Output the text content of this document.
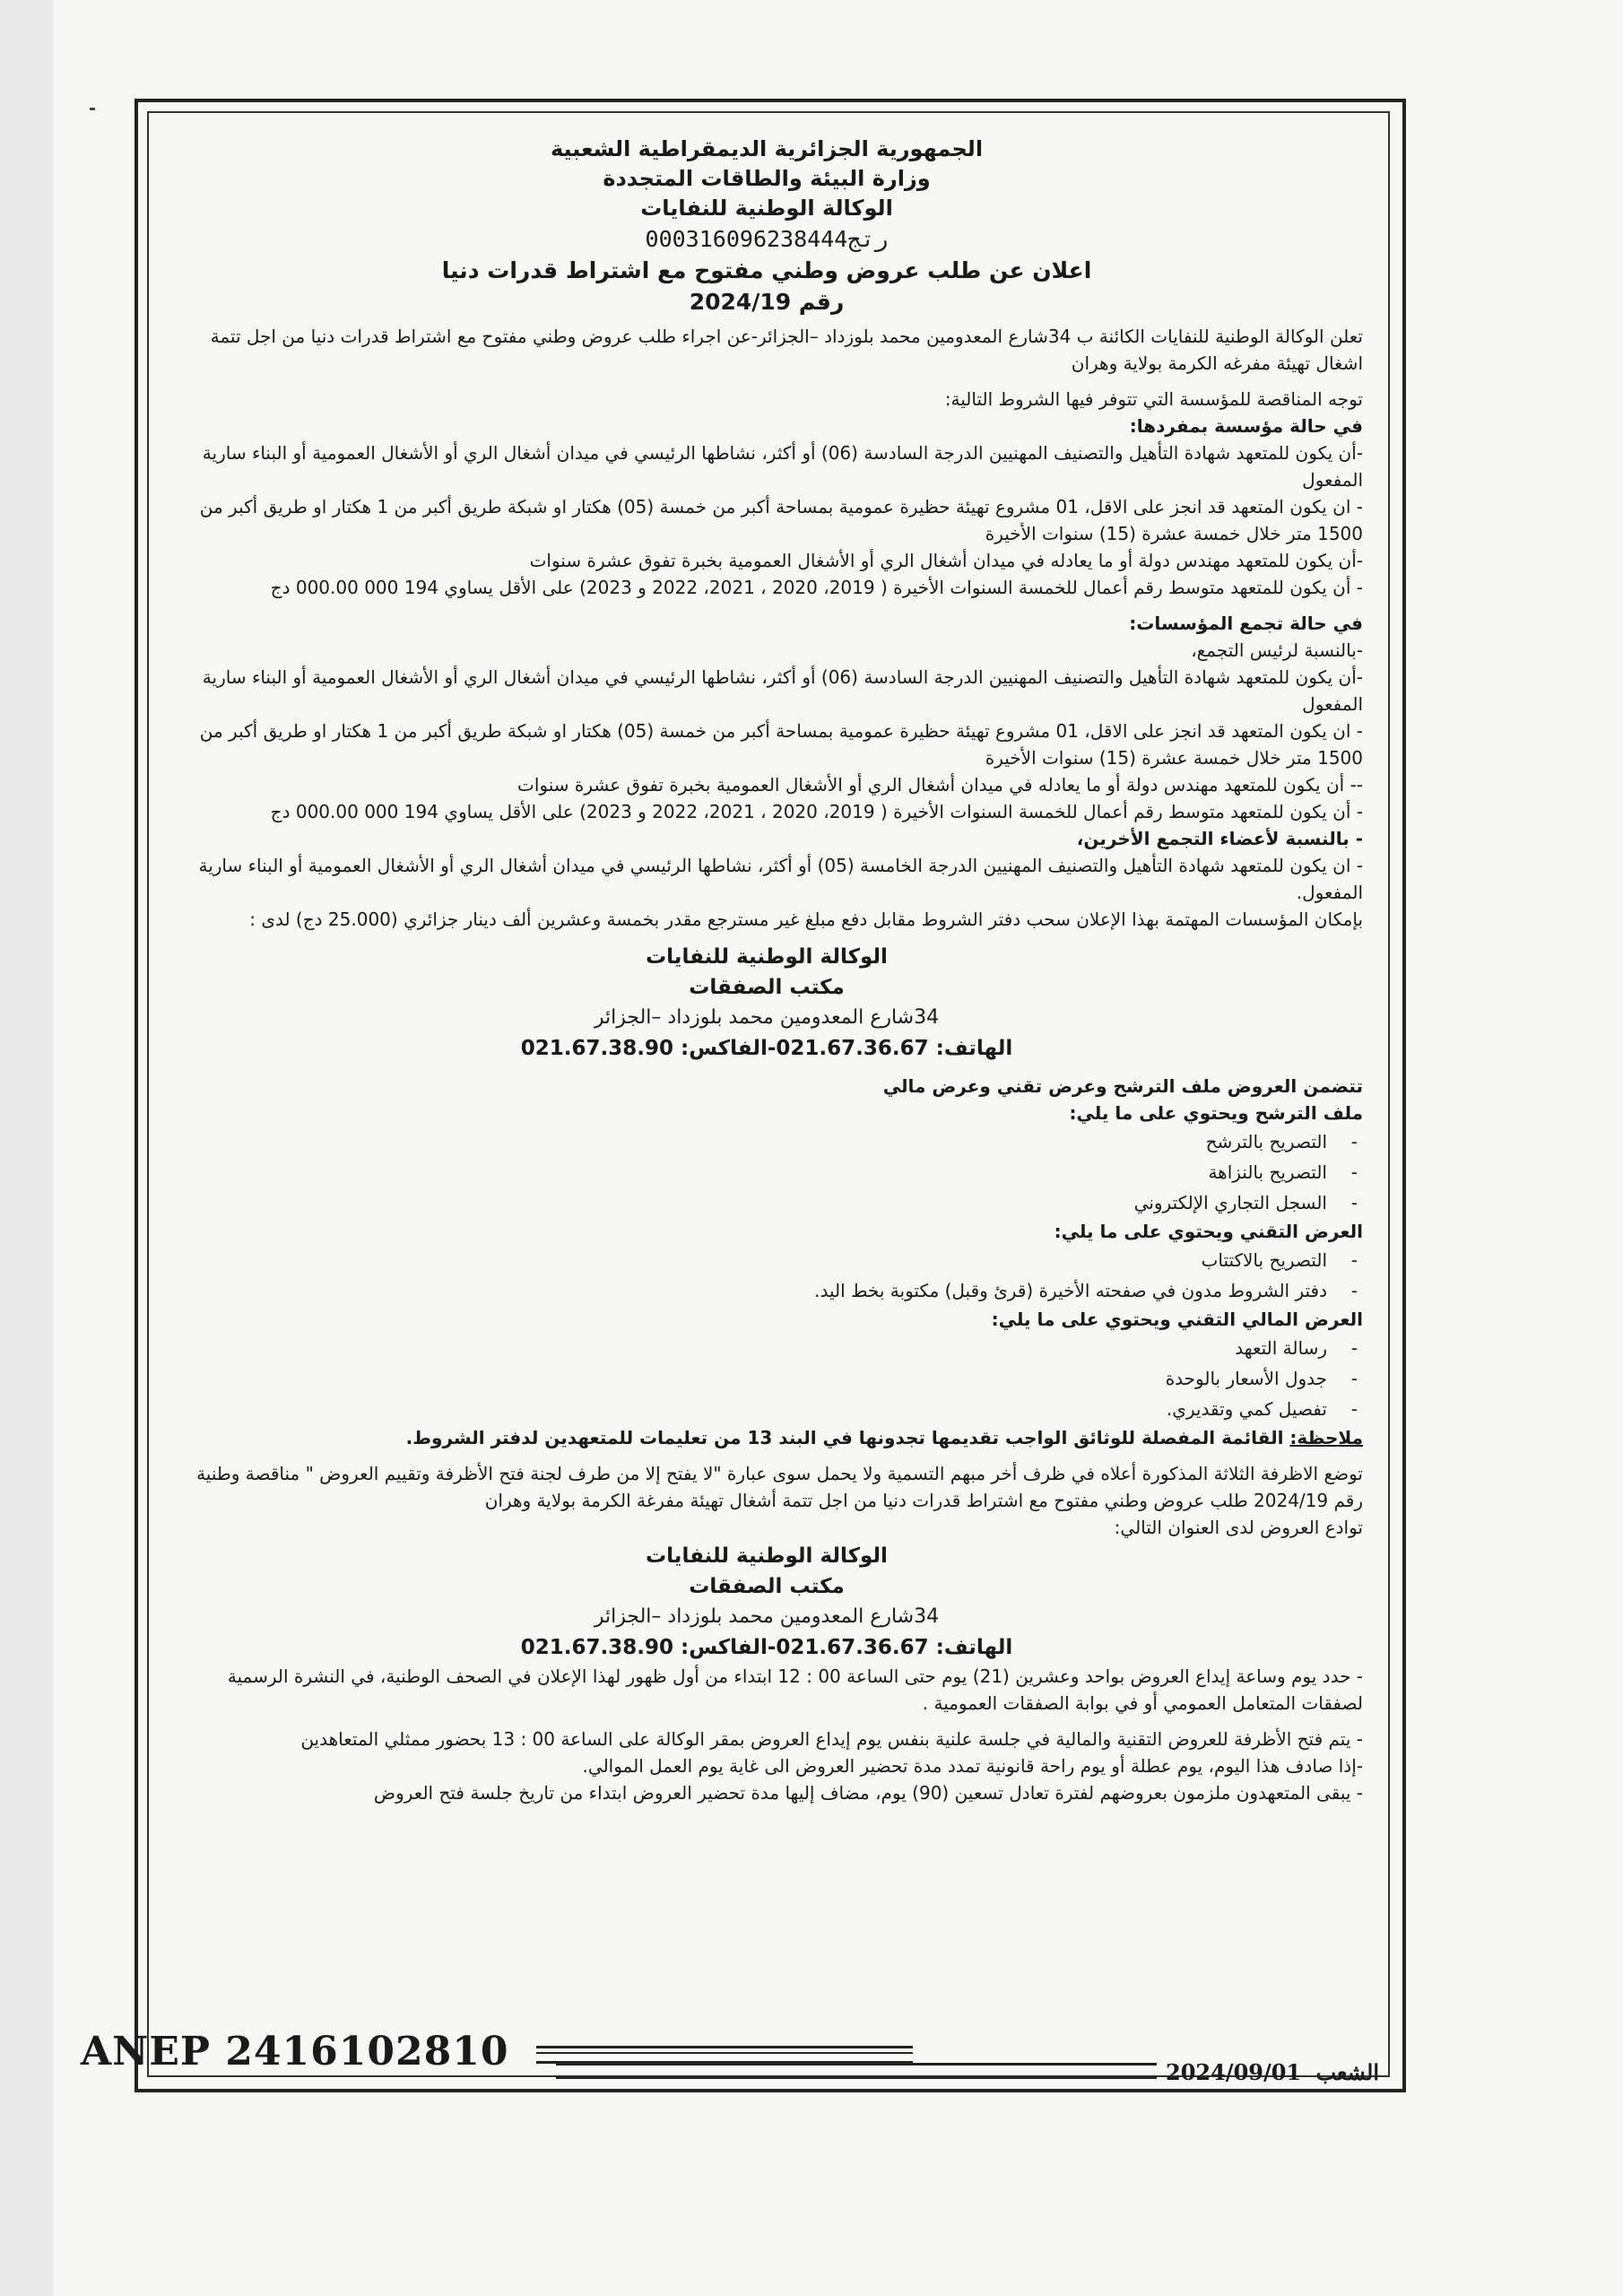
الجمهورية الجزائرية الديمقراطية الشعبية

وزارة البيئة والطاقات المتجددة

الوكالة الوطنية للنفايات

رتج000316096238444

اعلان عن طلب عروض وطني مفتوح مع اشتراط قدرات دنيا

رقم 2024/19

تعلن الوكالة الوطنية للنفايات الكائنة ب 34شارع المعدومين محمد بلوزداد –الجزائر-عن اجراء طلب عروض وطني مفتوح مع اشتراط قدرات دنيا من اجل تتمة اشغال تهيئة مفرغه الكرمة بولاية وهران

توجه المناقصة للمؤسسة التي تتوفر فيها الشروط التالية:

في حالة مؤسسة بمفردها:

-أن يكون للمتعهد شهادة التأهيل والتصنيف المهنيين الدرجة السادسة (06) أو أكثر، نشاطها الرئيسي في ميدان أشغال الري أو الأشغال العمومية أو البناء سارية المفعول

- ان يكون المتعهد قد انجز على الاقل، 01 مشروع تهيئة حظيرة عمومية بمساحة أكبر من خمسة (05) هكتار او شبكة طريق أكبر من 1 هكتار او طريق أكبر من 1500 متر خلال خمسة عشرة (15) سنوات الأخيرة

-أن يكون للمتعهد مهندس دولة أو ما يعادله في ميدان أشغال الري أو الأشغال العمومية بخبرة تفوق عشرة سنوات

- أن يكون للمتعهد متوسط رقم أعمال للخمسة السنوات الأخيرة ( 2019، 2020 ، 2021، 2022 و 2023) على الأقل يساوي 194 000 000.00 دج

في حالة تجمع المؤسسات:

-بالنسبة لرئيس التجمع،

-أن يكون للمتعهد شهادة التأهيل والتصنيف المهنيين الدرجة السادسة (06) أو أكثر، نشاطها الرئيسي في ميدان أشغال الري أو الأشغال العمومية أو البناء سارية المفعول

- ان يكون المتعهد قد انجز على الاقل، 01 مشروع تهيئة حظيرة عمومية بمساحة أكبر من خمسة (05) هكتار او شبكة طريق أكبر من 1 هكتار او طريق أكبر من 1500 متر خلال خمسة عشرة (15) سنوات الأخيرة

-- أن يكون للمتعهد مهندس دولة أو ما يعادله في ميدان أشغال الري أو الأشغال العمومية بخبرة تفوق عشرة سنوات

- أن يكون للمتعهد متوسط رقم أعمال للخمسة السنوات الأخيرة ( 2019، 2020 ، 2021، 2022 و 2023) على الأقل يساوي 194 000 000.00 دج

- بالنسبة لأعضاء التجمع الأخرين،

- ان يكون للمتعهد شهادة التأهيل والتصنيف المهنيين الدرجة الخامسة (05) أو أكثر، نشاطها الرئيسي في ميدان أشغال الري أو الأشغال العمومية أو البناء سارية المفعول.

بإمكان المؤسسات المهتمة بهذا الإعلان سحب دفتر الشروط مقابل دفع مبلغ غير مسترجع مقدر بخمسة وعشرين ألف دينار جزائري (25.000 دج) لدى :

الوكالة الوطنية للنفايات

مكتب الصفقات

34شارع المعدومين محمد بلوزداد –الجزائر

الهاتف: 021.67.36.67-الفاكس: 021.67.38.90

تتضمن العروض ملف الترشح وعرض تقني وعرض مالي

ملف الترشح ويحتوي على ما يلي:

التصريح بالترشح -
التصريح بالنزاهة -
السجل التجاري الإلكتروني -

العرض التقني ويحتوي على ما يلي:

التصريح بالاكتتاب -
دفتر الشروط مدون في صفحته الأخيرة (قرئ وقبل) مكتوبة بخط اليد. -

العرض المالي التقني ويحتوي على ما يلي:

رسالة التعهد -
جدول الأسعار بالوحدة -
تفصيل كمي وتقديري. -

ملاحظة: القائمة المفصلة للوثائق الواجب تقديمها تجدونها في البند 13 من تعليمات للمتعهدين لدفتر الشروط.

توضع الاظرفة الثلاثة المذكورة أعلاه في ظرف أخر مبهم التسمية ولا يحمل سوى عبارة "لا يفتح إلا من طرف لجنة فتح الأظرفة وتقييم العروض " مناقصة وطنية رقم 2024/19 طلب عروض وطني مفتوح مع اشتراط قدرات دنيا من اجل تتمة أشغال تهيئة مفرغة الكرمة بولاية وهران

توادع العروض لدى العنوان التالي:

الوكالة الوطنية للنفايات

مكتب الصفقات

34شارع المعدومين محمد بلوزداد –الجزائر

الهاتف: 021.67.36.67-الفاكس: 021.67.38.90

- حدد يوم وساعة إيداع العروض بواحد وعشرين (21) يوم حتى الساعة 00 : 12 ابتداء من أول ظهور لهذا الإعلان في الصحف الوطنية، في النشرة الرسمية لصفقات المتعامل العمومي أو في بوابة الصفقات العمومية .

- يتم فتح الأظرفة للعروض التقنية والمالية في جلسة علنية بنفس يوم إيداع العروض بمقر الوكالة على الساعة 00 : 13 بحضور ممثلي المتعاهدين

-إذا صادف هذا اليوم، يوم عطلة أو يوم راحة قانونية تمدد مدة تحضير العروض الى غاية يوم العمل الموالي.

- يبقى المتعهدون ملزمون بعروضهم لفترة تعادل تسعين (90) يوم، مضاف إليها مدة تحضير العروض ابتداء من تاريخ جلسة فتح العروض

ANEP 2416102810	2024/09/01 الشعب
